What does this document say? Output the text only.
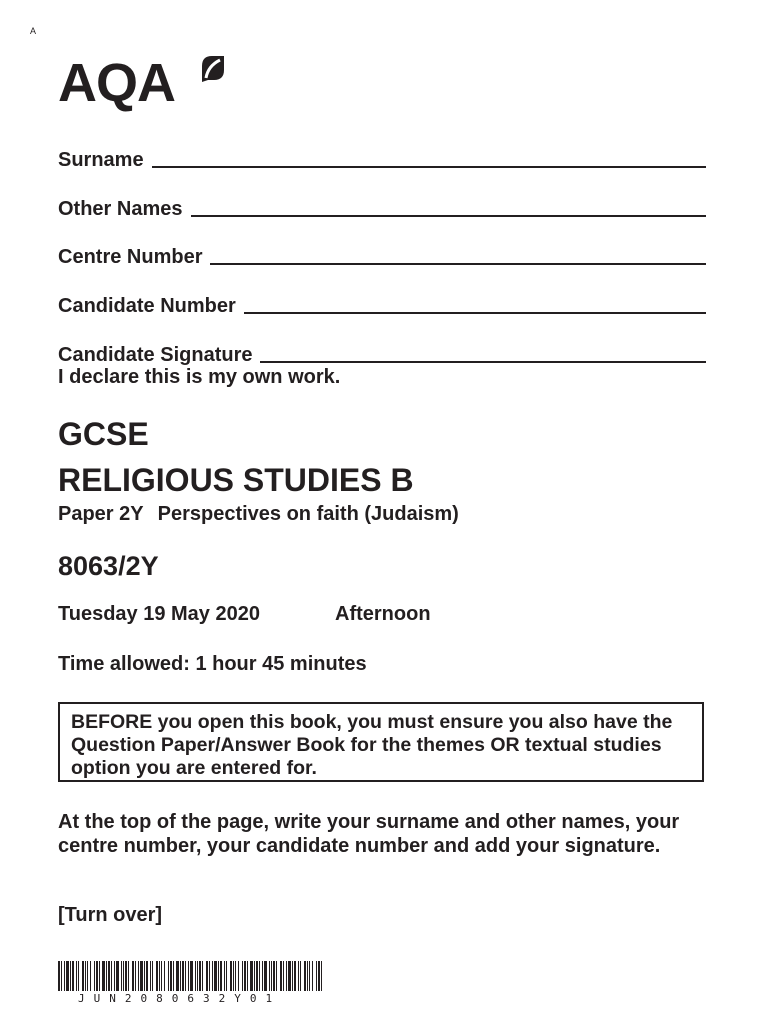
A
AQA
Surname
Other Names
Centre Number
Candidate Number
Candidate Signature
I declare this is my own work.
GCSE
RELIGIOUS STUDIES B
Paper 2Y Perspectives on faith (Judaism)
8063/2Y
Tuesday 19 May 2020	Afternoon
Time allowed: 1 hour 45 minutes
BEFORE you open this book, you must ensure you also have the Question Paper/Answer Book for the themes OR textual studies option you are entered for.
At the top of the page, write your surname and other names, your centre number, your candidate number and add your signature.
[Turn over]
JUN2080632Y01
